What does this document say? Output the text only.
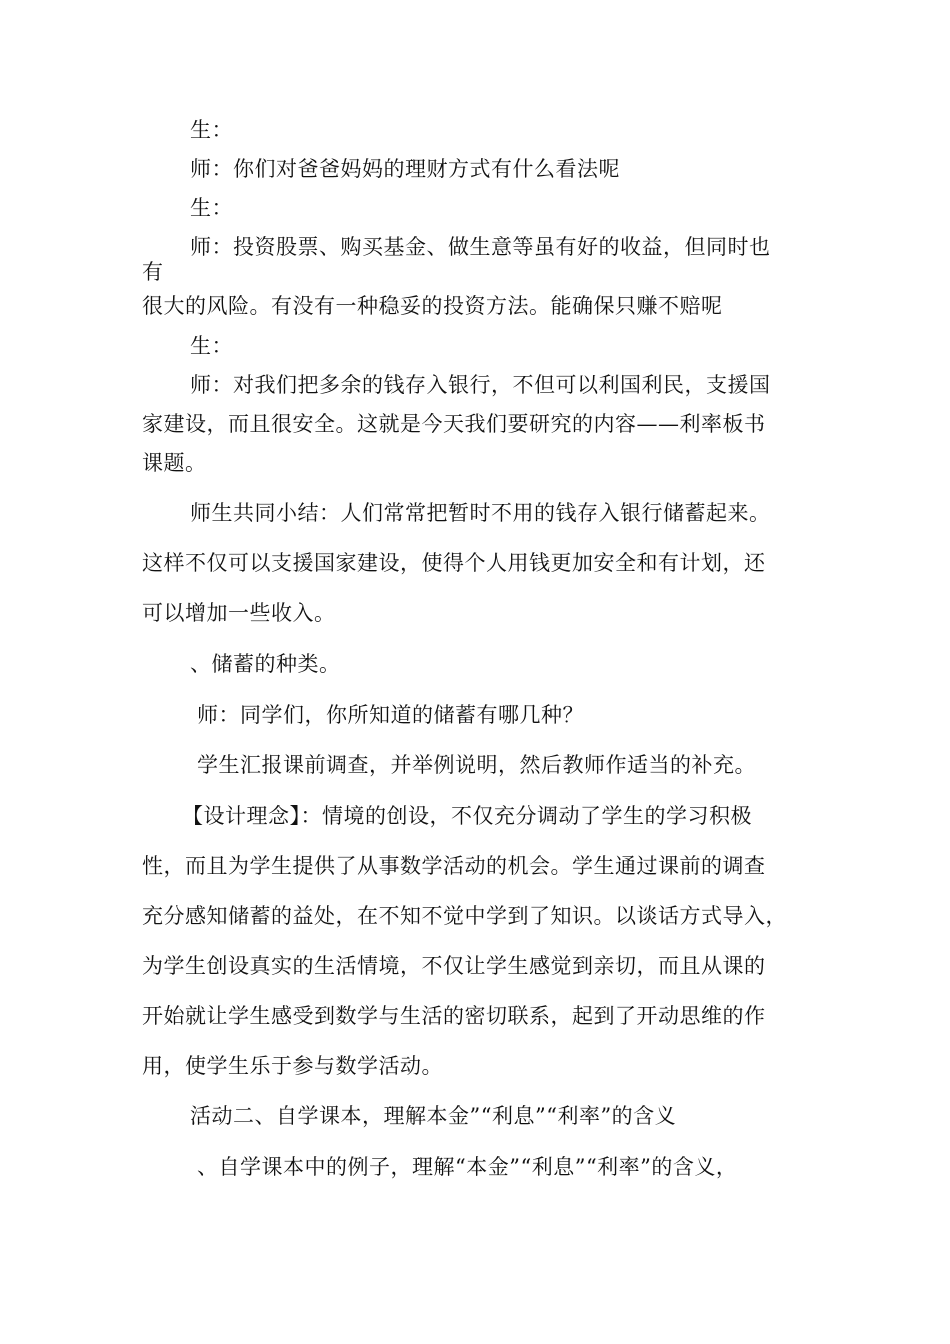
生：
师：你们对爸爸妈妈的理财方式有什么看法呢
生：
师：投资股票、购买基金、做生意等虽有好的收益，但同时也
有
很大的风险。有没有一种稳妥的投资方法。能确保只赚不赔呢
生：
师：对我们把多余的钱存入银行，不但可以利国利民，支援国
家建设，而且很安全。这就是今天我们要研究的内容——利率板书
课题。
师生共同小结：人们常常把暂时不用的钱存入银行储蓄起来。
这样不仅可以支援国家建设，使得个人用钱更加安全和有计划，还
可以增加一些收入。
、储蓄的种类。
师：同学们，你所知道的储蓄有哪几种？
学生汇报课前调查，并举例说明，然后教师作适当的补充。
【设计理念】：情境的创设，不仅充分调动了学生的学习积极
性，而且为学生提供了从事数学活动的机会。学生通过课前的调查
充分感知储蓄的益处，在不知不觉中学到了知识。以谈话方式导入，
为学生创设真实的生活情境，不仅让学生感觉到亲切，而且从课的
开始就让学生感受到数学与生活的密切联系，起到了开动思维的作
用，使学生乐于参与数学活动。
活动二、自学课本，理解本金”“利息”“利率”的含义
、自学课本中的例子，理解“本金”“利息”“利率”的含义，
